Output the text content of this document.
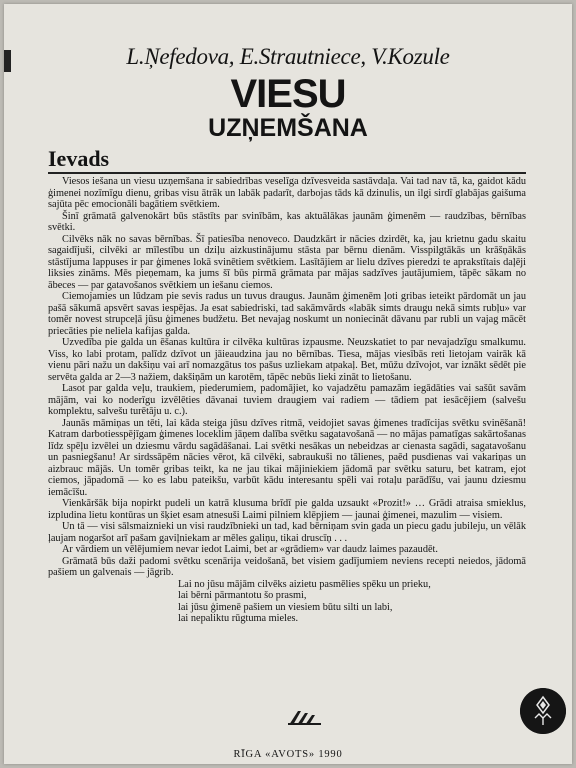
L.Ņefedova, E.Strautniece, V.Kozule
VIESU
UZŅEMŠANA
Ievads

Viesos iešana un viesu uzņemšana ir sabiedrības veselīga dzīvesveida sastāvdaļa. Vai tad nav tā, ka, gaidot kādu ģimenei nozīmīgu dienu, gribas visu ātrāk un labāk padarīt, darbojas tāds kā dzinulis, un ilgi sirdī glabājas gaišuma sajūta pēc emocionāli bagātiem svētkiem.

Šinī grāmatā galvenokārt būs stāstīts par svinībām, kas aktuālākas jaunām ģimenēm — raudzības, bērnības svētki.

Cilvēks nāk no savas bērnības. Šī patiesība nenoveco. Daudzkārt ir nācies dzirdēt, ka, jau krietnu gadu skaitu sagaidījuši, cilvēki ar mīlestību un dziļu aizkustinājumu stāsta par bērnu dienām. Visspilgtākās un krāšņākās stāstījuma lappuses ir par ģimenes lokā svinētiem svētkiem. Lasītājiem ar lielu dzīves pieredzi te aprakstītais daļēji liksies zināms. Mēs pieņemam, ka jums šī būs pirmā grāmata par mājas sadzīves jautājumiem, tāpēc sākam no ābeces — par gatavošanos svētkiem un iešanu ciemos.

Ciemojamies un lūdzam pie sevis radus un tuvus draugus. Jaunām ģimenēm ļoti gribas ieteikt pārdomāt un jau pašā sākumā apsvērt savas iespējas. Ja esat sabiedriski, tad sakāmvārds «labāk simts draugu nekā simts rubļu» var tomēr novest strupceļā jūsu ģimenes budžetu. Bet nevajag noskumt un noniecināt dāvanu par rubli un vajag mācēt priecāties pie neliela kafijas galda.

Uzvedība pie galda un ēšanas kultūra ir cilvēka kultūras izpausme. Neuzskatiet to par nevajadzīgu smalkumu. Viss, ko labi protam, palīdz dzīvot un jāieaudzina jau no bērnības. Tiesa, mājas viesībās reti lietojam vairāk kā vienu pāri nažu un dakšiņu vai arī nomazgātus tos pašus uzliekam atpakaļ. Bet, mūžu dzīvojot, var iznākt sēdēt pie servēta galda ar 2—3 nažiem, dakšiņām un karotēm, tāpēc nebūs lieki zināt to lietošanu.

Lasot par galda veļu, traukiem, piederumiem, padomājiet, ko vajadzētu pamazām iegādāties vai sašūt savām mājām, vai ko noderīgu izvēlēties dāvanai tuviem draugiem vai radiem — tādiem pat iesācējiem (salvešu komplektu, salvešu turētāju u. c.).

Jaunās māmiņas un tēti, lai kāda steiga jūsu dzīves ritmā, veidojiet savas ģimenes tradīcijas svētku svinēšanā! Katram darbotiesspējīgam ģimenes loceklim jāņem dalība svētku sagatavošanā — no mājas pamatīgas sakārtošanas līdz spēļu izvēlei un dziesmu vārdu sagādāšanai. Lai svētki nesākas un nebeidzas ar cienasta sagādi, sagatavošanu un pasniegšanu! Ar sirdssāpēm nācies vērot, kā cilvēki, sabraukuši no tālienes, paēd pusdienas vai vakariņas un aizbrauc mājās. Un tomēr gribas teikt, ka ne jau tikai mājiniekiem jādomā par svētku saturu, bet katram, ejot ciemos, jāpadomā — ko es labu pateikšu, varbūt kādu interesantu spēli vai rotaļu parādīšu, vai jaunu dziesmu iemācīšu.

Vienkāršāk bija nopirkt pudeli un katrā klusuma brīdī pie galda uzsaukt «Prozit!» … Grādi atraisa smieklus, izpludina lietu kontūras un šķiet esam atnesuši Laimi pilniem klēpjiem — jaunai ģimenei, mazulim — visiem.

Un tā — visi sālsmaiznieki un visi raudzībnieki un tad, kad bērniņam svin gada un piecu gadu jubileju, un vēlāk ļaujam nogaršot arī pašam gaviļniekam ar mēles galiņu, tikai druscīņ . . .

Ar vārdiem un vēlējumiem nevar iedot Laimi, bet ar «grādiem» var daudz laimes pazaudēt.

Grāmatā būs daži padomi svētku scenārija veidošanā, bet visiem gadījumiem neviens recepti neiedos, jādomā pašiem un galvenais — jāgrib.

Lai no jūsu mājām cilvēks aizietu pasmēlies spēku un prieku,
lai bērni pārmantotu šo prasmi,
lai jūsu ģimenē pašiem un viesiem būtu silti un labi,
lai nepaliktu rūgtuma mieles.
RĪGA «AVOTS» 1990
